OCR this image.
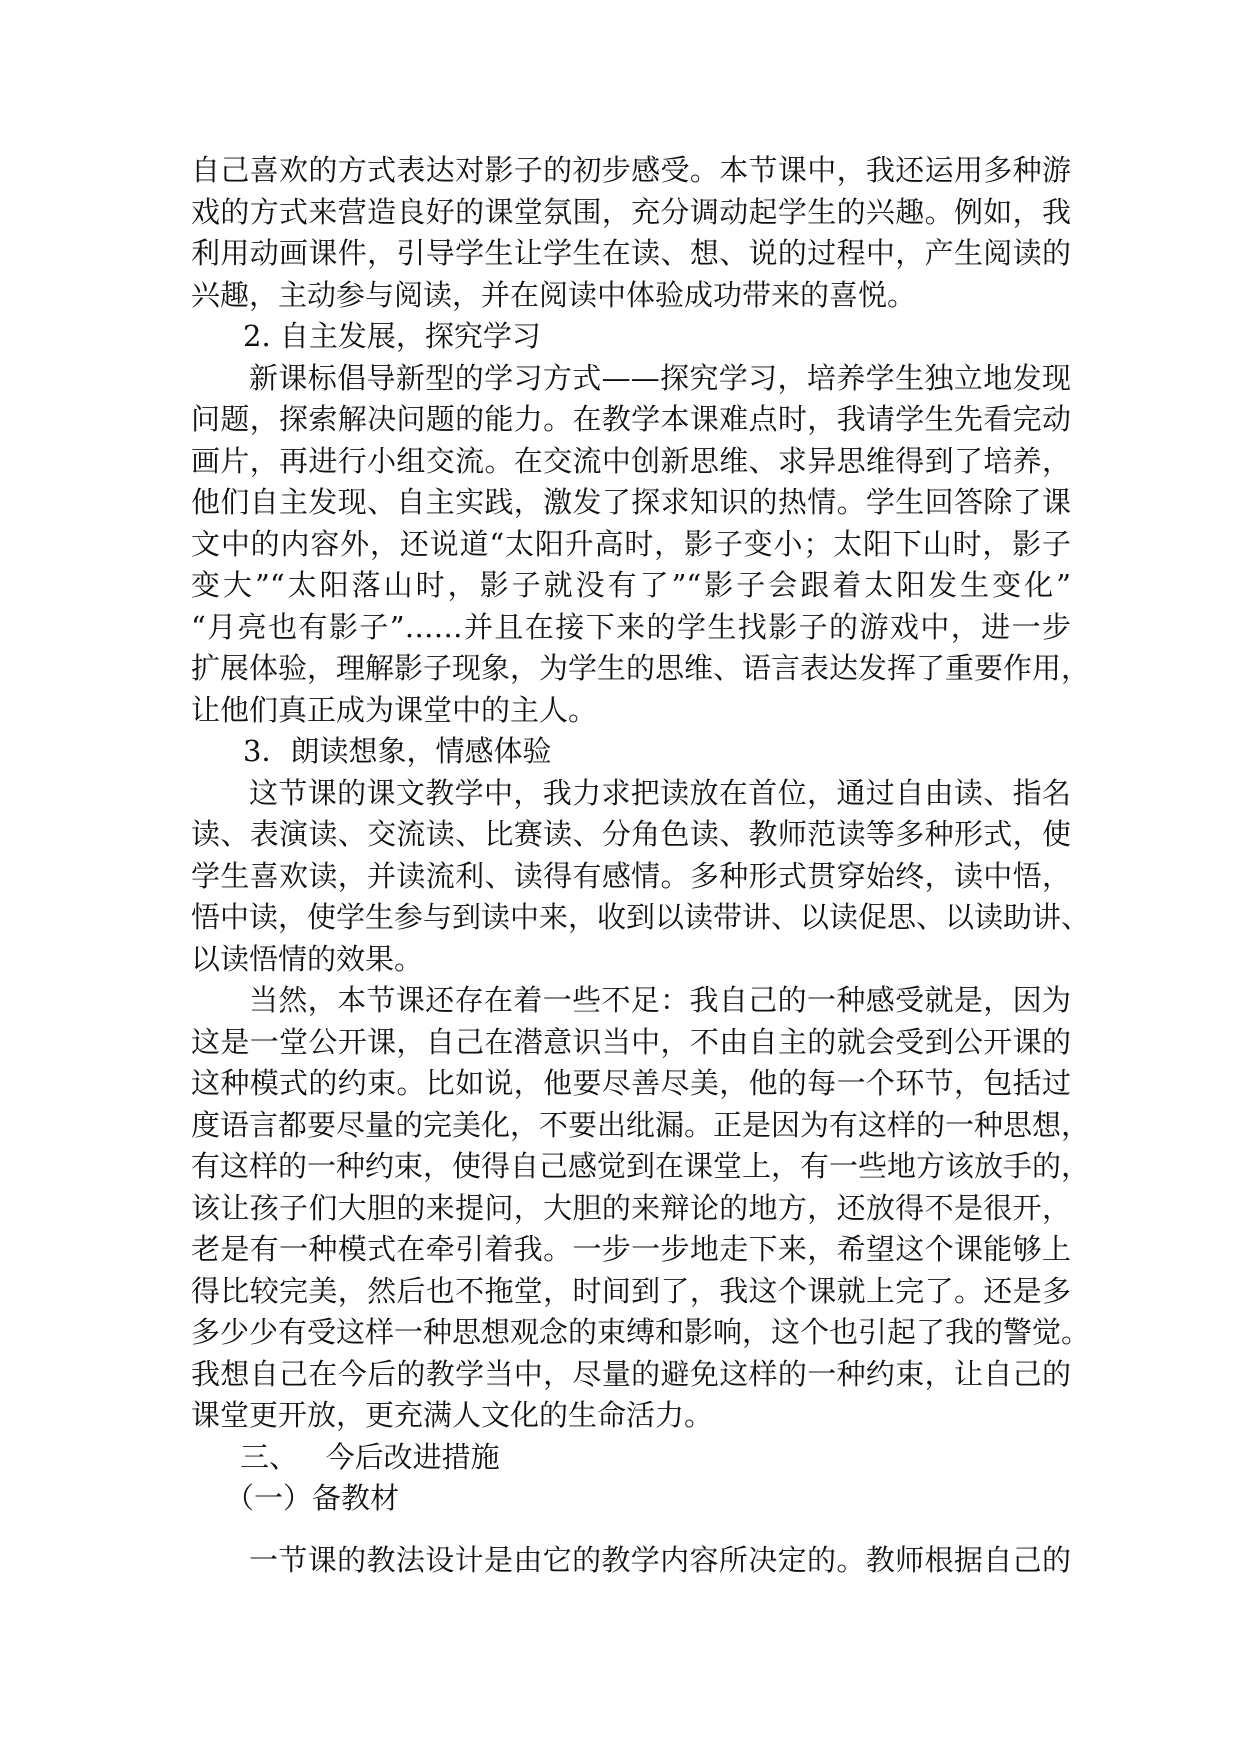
自己喜欢的方式表达对影子的初步感受。本节课中，我还运用多种游
戏的方式来营造良好的课堂氛围，充分调动起学生的兴趣。例如，我
利用动画课件，引导学生让学生在读、想、说的过程中，产生阅读的
兴趣，主动参与阅读，并在阅读中体验成功带来的喜悦。
2. 自主发展，探究学习
新课标倡导新型的学习方式——探究学习，培养学生独立地发现
问题，探索解决问题的能力。在教学本课难点时，我请学生先看完动
画片，再进行小组交流。在交流中创新思维、求异思维得到了培养，
他们自主发现、自主实践，激发了探求知识的热情。学生回答除了课
文中的内容外，还说道“太阳升高时，影子变小；太阳下山时，影子
变大”“太阳落山时，影子就没有了”“影子会跟着太阳发生变化”
“月亮也有影子”……并且在接下来的学生找影子的游戏中，进一步
扩展体验，理解影子现象，为学生的思维、语言表达发挥了重要作用，
让他们真正成为课堂中的主人。
3．朗读想象，情感体验
这节课的课文教学中，我力求把读放在首位，通过自由读、指名
读、表演读、交流读、比赛读、分角色读、教师范读等多种形式，使
学生喜欢读，并读流利、读得有感情。多种形式贯穿始终，读中悟，
悟中读，使学生参与到读中来，收到以读带讲、以读促思、以读助讲、
以读悟情的效果。
当然，本节课还存在着一些不足：我自己的一种感受就是，因为
这是一堂公开课，自己在潜意识当中，不由自主的就会受到公开课的
这种模式的约束。比如说，他要尽善尽美，他的每一个环节，包括过
度语言都要尽量的完美化，不要出纰漏。正是因为有这样的一种思想，
有这样的一种约束，使得自己感觉到在课堂上，有一些地方该放手的，
该让孩子们大胆的来提问，大胆的来辩论的地方，还放得不是很开，
老是有一种模式在牵引着我。一步一步地走下来，希望这个课能够上
得比较完美，然后也不拖堂，时间到了，我这个课就上完了。还是多
多少少有受这样一种思想观念的束缚和影响，这个也引起了我的警觉。
我想自己在今后的教学当中，尽量的避免这样的一种约束，让自己的
课堂更开放，更充满人文化的生命活力。
三、   今后改进措施
（一）备教材
一节课的教法设计是由它的教学内容所决定的。教师根据自己的
